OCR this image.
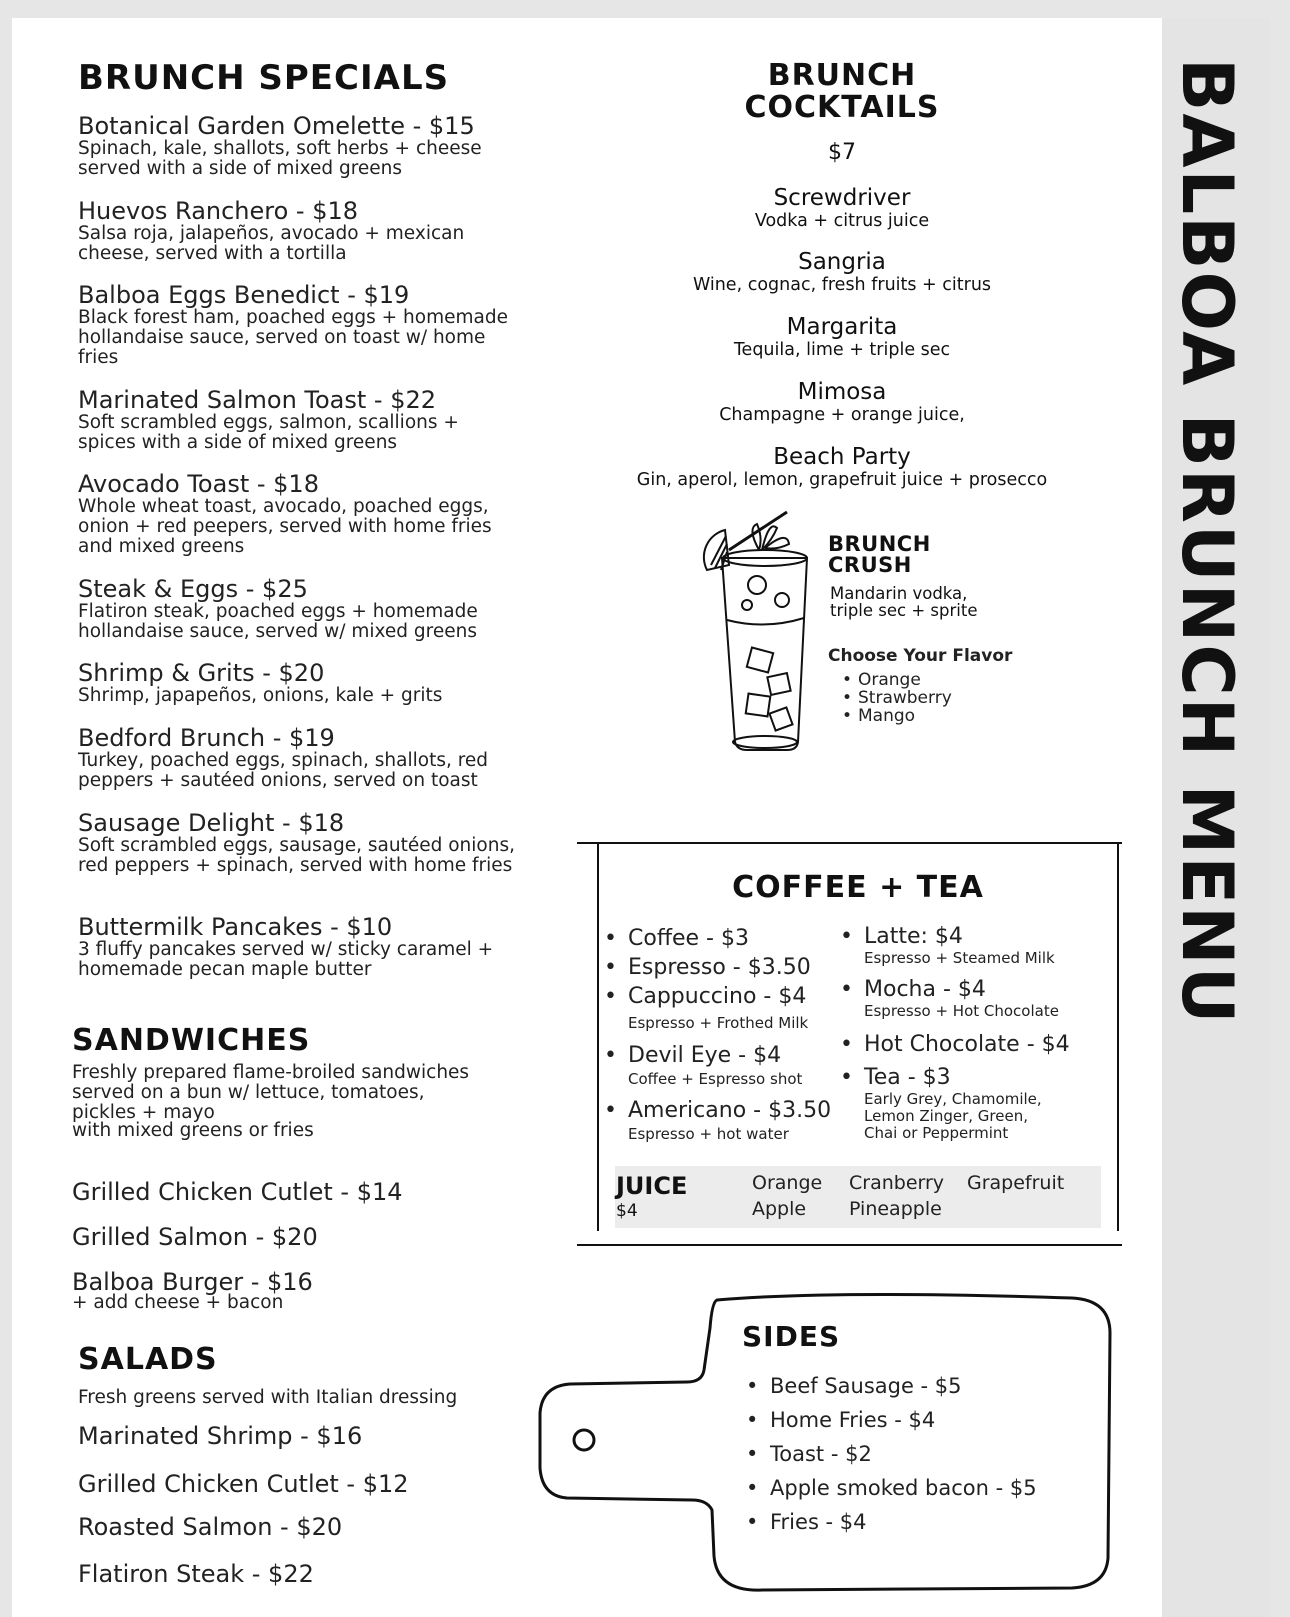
BALBOA BRUNCH MENU
BRUNCH SPECIALS
Botanical Garden Omelette - $15
Spinach, kale, shallots, soft herbs + cheese served with a side of mixed greens
Huevos Ranchero - $18
Salsa roja, jalapeños, avocado + mexican cheese, served with a tortilla
Balboa Eggs Benedict - $19
Black forest ham, poached eggs + homemade hollandaise sauce, served on toast w/ home fries
Marinated Salmon Toast - $22
Soft scrambled eggs, salmon, scallions + spices with a side of mixed greens
Avocado Toast - $18
Whole wheat toast, avocado, poached eggs, onion + red peepers, served with home fries and mixed greens
Steak & Eggs - $25
Flatiron steak, poached eggs + homemade hollandaise sauce, served w/ mixed greens
Shrimp & Grits - $20
Shrimp, japapeños, onions, kale + grits
Bedford Brunch - $19
Turkey, poached eggs, spinach, shallots, red peppers + sautéed onions, served on toast
Sausage Delight - $18
Soft scrambled eggs, sausage, sautéed onions, red peppers + spinach, served with home fries
Buttermilk Pancakes - $10
3 fluffy pancakes served w/ sticky caramel + homemade pecan maple butter
SANDWICHES
Freshly prepared flame-broiled sandwiches served on a bun w/ lettuce, tomatoes, pickles + mayo
with mixed greens or fries
Grilled Chicken Cutlet - $14
Grilled Salmon - $20
Balboa Burger - $16
+ add cheese + bacon
SALADS
Fresh greens served with Italian dressing
Marinated Shrimp - $16
Grilled Chicken Cutlet - $12
Roasted Salmon - $20
Flatiron Steak - $22
BRUNCH
COCKTAILS
$7
Screwdriver
Vodka + citrus juice
Sangria
Wine, cognac, fresh fruits + citrus
Margarita
Tequila, lime + triple sec
Mimosa
Champagne + orange juice,
Beach Party
Gin, aperol, lemon, grapefruit juice + prosecco
BRUNCH
CRUSH
Mandarin vodka,
triple sec + sprite
Choose Your Flavor
• Orange
• Strawberry
• Mango
COFFEE + TEA
• Coffee - $3
• Espresso - $3.50
• Cappuccino - $4
Espresso + Frothed Milk
• Devil Eye - $4
Coffee + Espresso shot
• Americano - $3.50
Espresso + hot water
• Latte: $4
Espresso + Steamed Milk
• Mocha - $4
Espresso + Hot Chocolate
• Hot Chocolate - $4
• Tea - $3
Early Grey, Chamomile,
Lemon Zinger, Green,
Chai or Peppermint
JUICE
$4
Orange Cranberry Grapefruit
Apple Pineapple
SIDES
• Beef Sausage - $5
• Home Fries - $4
• Toast - $2
• Apple smoked bacon - $5
• Fries - $4
